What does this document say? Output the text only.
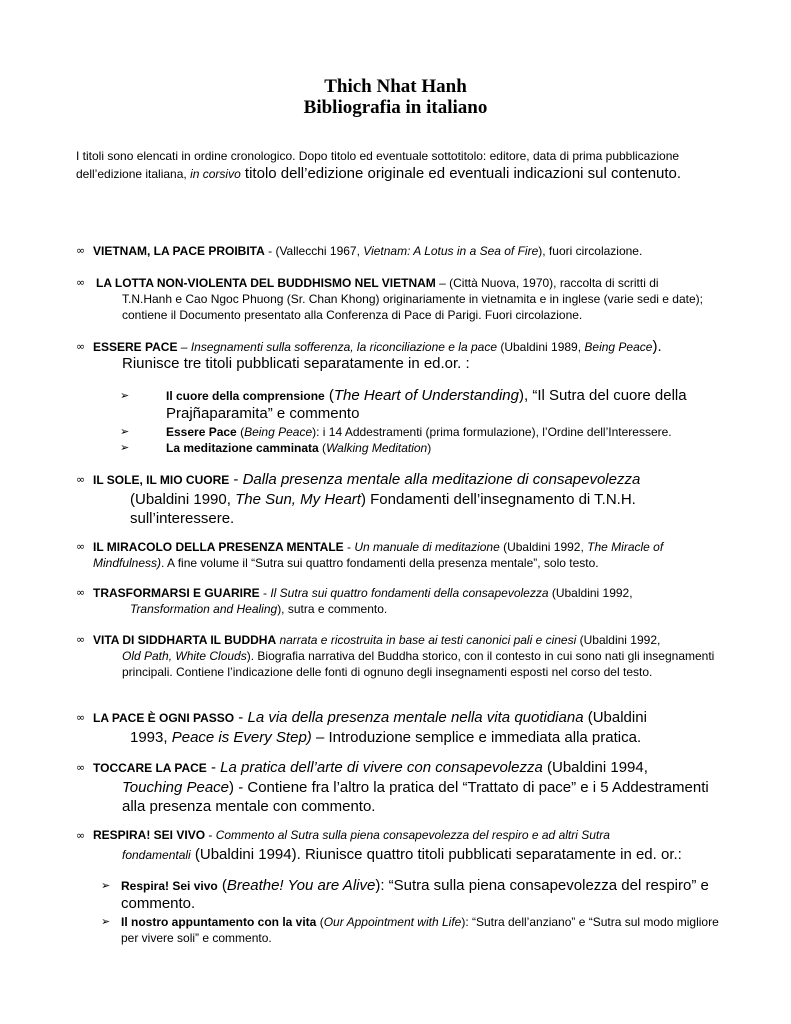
Thich Nhat Hanh
Bibliografia in italiano
I titoli sono elencati in ordine cronologico. Dopo titolo ed eventuale sottotitolo: editore, data di prima pubblicazione dell’edizione italiana, in corsivo titolo dell’edizione originale ed eventuali indicazioni sul contenuto.
∞ VIETNAM, LA PACE PROIBITA - (Vallecchi 1967, Vietnam: A Lotus in a Sea of Fire), fuori circolazione.
∞ LA LOTTA NON-VIOLENTA DEL BUDDHISMO NEL VIETNAM – (Città Nuova, 1970), raccolta di scritti di
T.N.Hanh e Cao Ngoc Phuong (Sr. Chan Khong) originariamente in vietnamita e in inglese (varie sedi e date); contiene il Documento presentato alla Conferenza di Pace di Parigi. Fuori circolazione.
∞ ESSERE PACE – Insegnamenti sulla sofferenza, la riconciliazione e la pace (Ubaldini 1989, Being Peace).
Riunisce tre titoli pubblicati separatamente in ed.or. :
➢	Il cuore della comprensione (The Heart of Understanding), “Il Sutra del cuore della Prajñaparamita” e commento
➢	Essere Pace (Being Peace): i 14 Addestramenti (prima formulazione), l’Ordine dell’Interessere.
➢	La meditazione camminata (Walking Meditation)
∞ IL SOLE, IL MIO CUORE - Dalla presenza mentale alla meditazione di consapevolezza
(Ubaldini 1990, The Sun, My Heart) Fondamenti dell’insegnamento di T.N.H. sull’interessere.
∞ IL MIRACOLO DELLA PRESENZA MENTALE - Un manuale di meditazione (Ubaldini 1992, The Miracle of Mindfulness). A fine volume il “Sutra sui quattro fondamenti della presenza mentale”, solo testo.
∞ TRASFORMARSI E GUARIRE - Il Sutra sui quattro fondamenti della consapevolezza (Ubaldini 1992,
Transformation and Healing), sutra e commento.
∞ VITA DI SIDDHARTA IL BUDDHA narrata e ricostruita in base ai testi canonici pali e cinesi (Ubaldini 1992,
Old Path, White Clouds). Biografia narrativa del Buddha storico, con il contesto in cui sono nati gli insegnamenti principali. Contiene l’indicazione delle fonti di ognuno degli insegnamenti esposti nel corso del testo.
∞ LA PACE È OGNI PASSO - La via della presenza mentale nella vita quotidiana (Ubaldini
1993, Peace is Every Step) – Introduzione semplice e immediata alla pratica.
∞ TOCCARE LA PACE - La pratica dell’arte di vivere con consapevolezza (Ubaldini 1994,
Touching Peace) - Contiene fra l’altro la pratica del “Trattato di pace” e i 5 Addestramenti alla presenza mentale con commento.
∞ RESPIRA! SEI VIVO - Commento al Sutra sulla piena consapevolezza del respiro e ad altri Sutra
fondamentali (Ubaldini 1994). Riunisce quattro titoli pubblicati separatamente in ed. or.:
➢ Respira! Sei vivo (Breathe! You are Alive): “Sutra sulla piena consapevolezza del respiro” e commento.
➢ Il nostro appuntamento con la vita (Our Appointment with Life): “Sutra dell’anziano” e “Sutra sul modo migliore per vivere soli” e commento.
